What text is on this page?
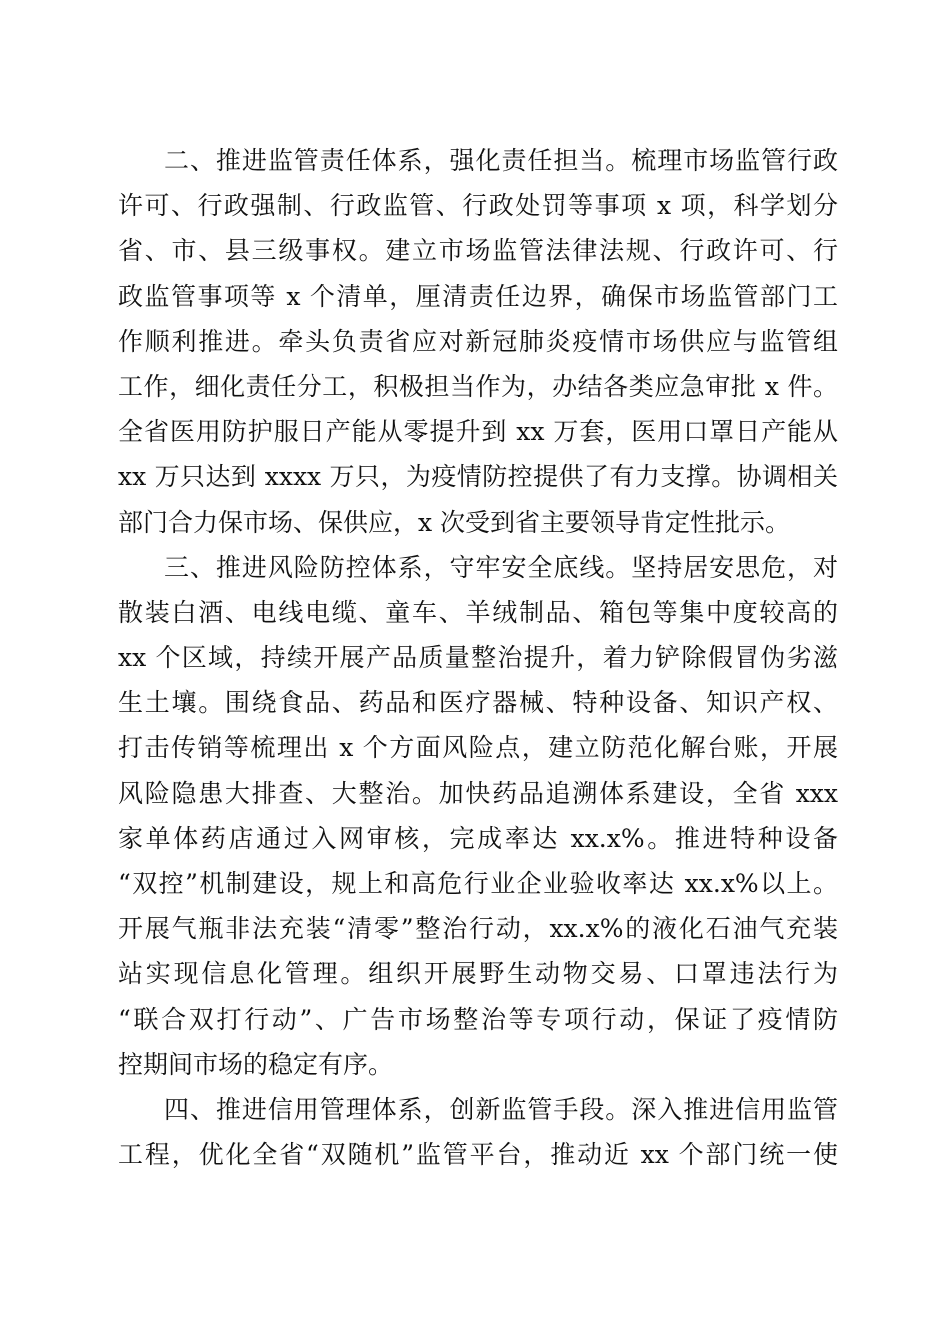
二、推进监管责任体系，强化责任担当。梳理市场监管行政
许可、行政强制、行政监管、行政处罚等事项 x 项，科学划分
省、市、县三级事权。建立市场监管法律法规、行政许可、行
政监管事项等 x 个清单，厘清责任边界，确保市场监管部门工
作顺利推进。牵头负责省应对新冠肺炎疫情市场供应与监管组
工作，细化责任分工，积极担当作为，办结各类应急审批 x 件。
全省医用防护服日产能从零提升到 xx 万套，医用口罩日产能从
xx 万只达到 xxxx 万只，为疫情防控提供了有力支撑。协调相关
部门合力保市场、保供应，x 次受到省主要领导肯定性批示。
三、推进风险防控体系，守牢安全底线。坚持居安思危，对
散装白酒、电线电缆、童车、羊绒制品、箱包等集中度较高的
xx 个区域，持续开展产品质量整治提升，着力铲除假冒伪劣滋
生土壤。围绕食品、药品和医疗器械、特种设备、知识产权、
打击传销等梳理出 x 个方面风险点，建立防范化解台账，开展
风险隐患大排查、大整治。加快药品追溯体系建设，全省 xxx
家单体药店通过入网审核，完成率达 xx.x%。推进特种设备
“双控”机制建设，规上和高危行业企业验收率达 xx.x%以上。
开展气瓶非法充装“清零”整治行动，xx.x%的液化石油气充装
站实现信息化管理。组织开展野生动物交易、口罩违法行为
“联合双打行动”、广告市场整治等专项行动，保证了疫情防
控期间市场的稳定有序。
四、推进信用管理体系，创新监管手段。深入推进信用监管
工程，优化全省“双随机”监管平台，推动近 xx 个部门统一使
